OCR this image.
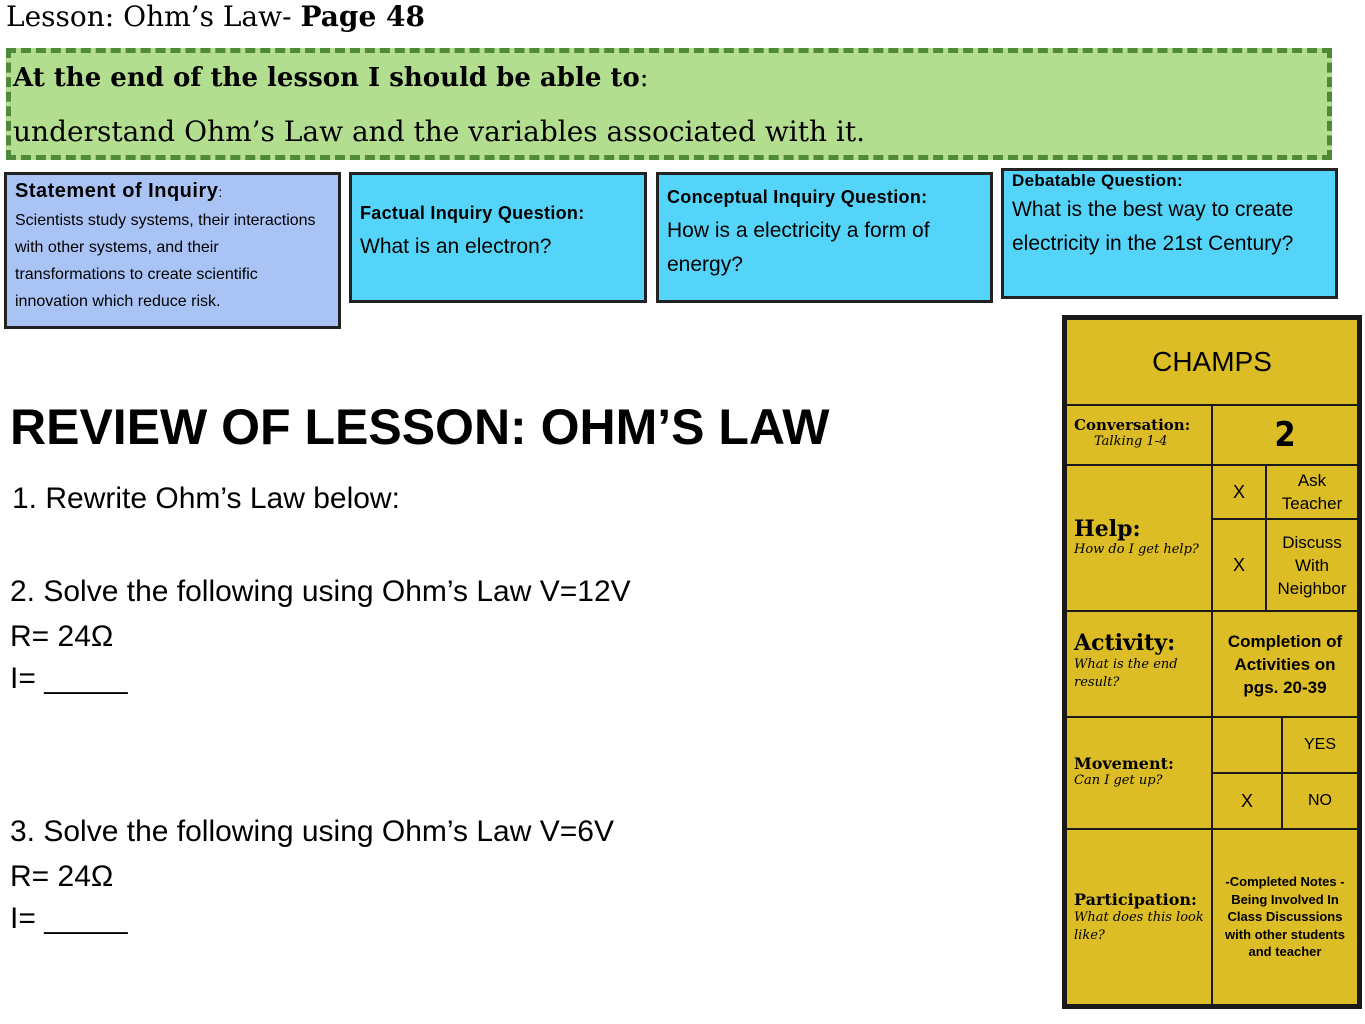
Lesson: Ohm’s Law- Page 48
At the end of the lesson I should be able to:
understand Ohm’s Law and the variables associated with it.
Statement of Inquiry:
Scientists study systems, their interactions with other systems, and their transformations to create scientific innovation which reduce risk.
Factual Inquiry Question:
What is an electron?
Conceptual Inquiry Question:
How is a electricity a form of energy?
Debatable Question:
What is the best way to create electricity in the 21st Century?
REVIEW OF LESSON: OHM’S LAW
1. Rewrite Ohm’s Law below:
2. Solve the following using Ohm’s Law V=12V
R= 24Ω
I= _____
3. Solve the following using Ohm’s Law V=6V
R= 24Ω
I= _____
CHAMPS
Conversation:
Talking 1-4	2
Help:
How do I get help?
X
Ask Teacher
X
Discuss With Neighbor
Activity:
What is the end result?
Completion of Activities on pgs. 20-39
Movement:
Can I get up?
YES
X	NO
Participation:
What does this look like?
-Completed Notes -Being Involved In Class Discussions with other students and teacher
